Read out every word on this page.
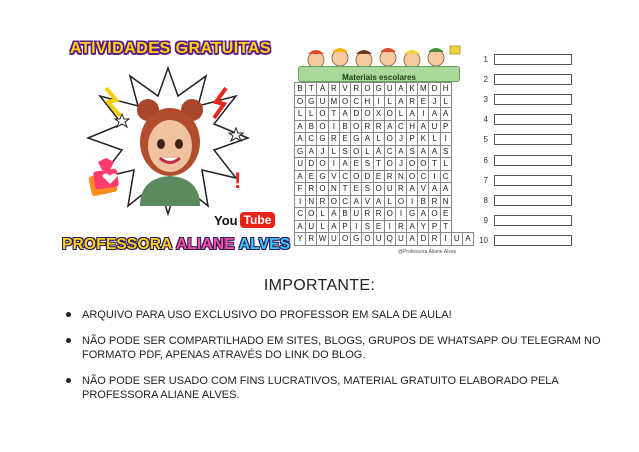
ATIVIDADES GRATUITAS
!
You Tube
PROFESSORA ALIANE ALVES
Materiais escolares
B	T	Á	R	V	R	O	G	U	A	K	M	D	H		
O	G	U	M	O	C	H	I	L	A	R	E	J	L		
L	L	O	T	A	D	O	X	O	L	A	I	A	A		
A	B	O	I	B	O	R	R	A	C	H	A	U	P		
A	C	G	R	E	G	A	L	O	J	P	K	L	I		
G	A	J	L	S	O	L	Á	C	A	S	A	A	S		
U	D	O	I	A	E	S	T	O	J	O	O	T	L		
A	E	G	V	C	O	D	E	R	N	O	C	I	C		
F	R	O	N	T	E	S	O	U	R	A	V	A	A		
I	N	R	O	C	A	V	A	L	O	I	B	R	N		
C	O	L	A	B	U	R	R	O	I	G	A	O	E		
A	U	L	A	P	I	S	E	I	R	A	Y	P	T		
Y	R	W	U	O	G	O	U	Q	U	A	D	R	I	U	A
@Professora.Aliane.Alves
1
2
3
4
5
6
7
8
9
10
IMPORTANTE:
ARQUIVO PARA USO EXCLUSIVO DO PROFESSOR EM SALA DE AULA!
NÃO PODE SER COMPARTILHADO EM SITES, BLOGS, GRUPOS DE WHATSAPP OU TELEGRAM NO FORMATO PDF, APENAS ATRAVÉS DO LINK DO BLOG.
NÃO PODE SER USADO COM FINS LUCRATIVOS, MATERIAL GRATUITO ELABORADO PELA PROFESSORA ALIANE ALVES.
